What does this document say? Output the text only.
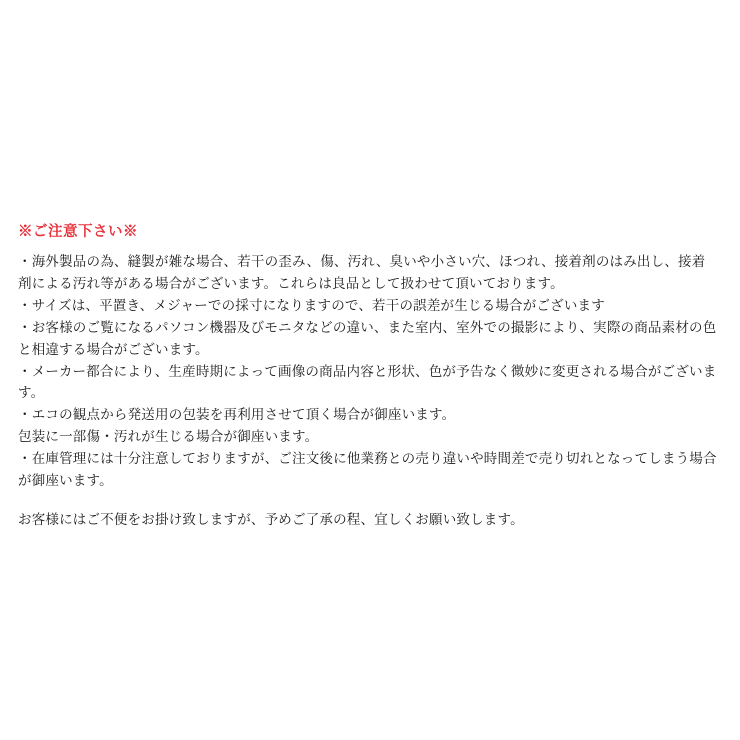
※ご注意下さい※

・海外製品の為、縫製が雑な場合、若干の歪み、傷、汚れ、臭いや小さい穴、ほつれ、接着剤のはみ出し、接着剤による汚れ等がある場合がございます。これらは良品として扱わせて頂いております。

・サイズは、平置き、メジャーでの採寸になりますので、若干の誤差が生じる場合がございます

・お客様のご覧になるパソコン機器及びモニタなどの違い、また室内、室外での撮影により、実際の商品素材の色と相違する場合がございます。

・メーカー都合により、生産時期によって画像の商品内容と形状、色が予告なく微妙に変更される場合がございます。

・エコの観点から発送用の包装を再利用させて頂く場合が御座います。

包装に一部傷・汚れが生じる場合が御座います。

・在庫管理には十分注意しておりますが、ご注文後に他業務との売り違いや時間差で売り切れとなってしまう場合が御座います。

お客様にはご不便をお掛け致しますが、予めご了承の程、宜しくお願い致します。
